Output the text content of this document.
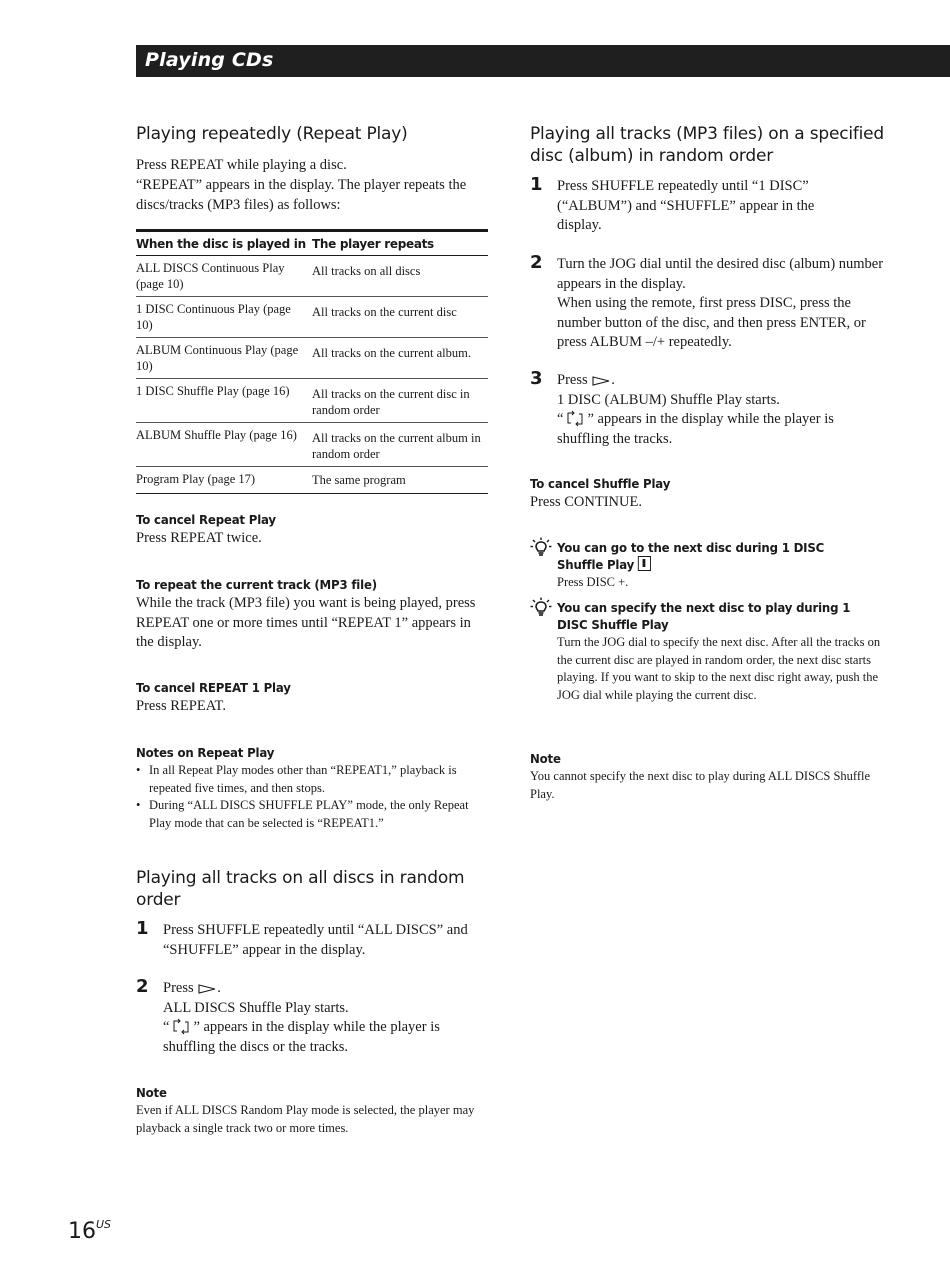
Playing CDs
Playing repeatedly (Repeat Play)

Press REPEAT while playing a disc.

“REPEAT” appears in the display. The player repeats the discs/tracks (MP3 files) as follows:

When the disc is played in	The player repeats
ALL DISCS Continuous Play (page 10)	All tracks on all discs
1 DISC Continuous Play (page 10)	All tracks on the current disc
ALBUM Continuous Play (page 10)	All tracks on the current album.
1 DISC Shuffle Play (page 16)	All tracks on the current disc in random order
ALBUM Shuffle Play (page 16)	All tracks on the current album in random order
Program Play (page 17)	The same program
To cancel Repeat Play

Press REPEAT twice.

To repeat the current track (MP3 file)

While the track (MP3 file) you want is being played, press REPEAT one or more times until “REPEAT 1” appears in the display.

To cancel REPEAT 1 Play

Press REPEAT.

Notes on Repeat Play
• In all Repeat Play modes other than “REPEAT1,” playback is repeated five times, and then stops.
• During “ALL DISCS SHUFFLE PLAY” mode, the only Repeat Play mode that can be selected is “REPEAT1.”
Playing all tracks on all discs in random order
1 Press SHUFFLE repeatedly until “ALL DISCS” and “SHUFFLE” appear in the display.

2 Press .

ALL DISCS Shuffle Play starts.

“ ” appears in the display while the player is shuffling the discs or the tracks.

Note

Even if ALL DISCS Random Play mode is selected, the player may playback a single track two or more times.

Playing all tracks (MP3 files) on a specified disc (album) in random order
1 Press SHUFFLE repeatedly until “1 DISC” (“ALBUM”) and “SHUFFLE” appear in the display.

2 Turn the JOG dial until the desired disc (album) number appears in the display.

When using the remote, first press DISC, press the number button of the disc, and then press ENTER, or press ALBUM –/+ repeatedly.

3 Press .

1 DISC (ALBUM) Shuffle Play starts.

“ ” appears in the display while the player is shuffling the tracks.

To cancel Shuffle Play

Press CONTINUE.

You can go to the next disc during 1 DISC Shuffle Play

Press DISC +.

You can specify the next disc to play during 1 DISC Shuffle Play

Turn the JOG dial to specify the next disc. After all the tracks on the current disc are played in random order, the next disc starts playing. If you want to skip to the next disc right away, push the JOG dial while playing the current disc.

Note

You cannot specify the next disc to play during ALL DISCS Shuffle Play.

$16^{US}$
